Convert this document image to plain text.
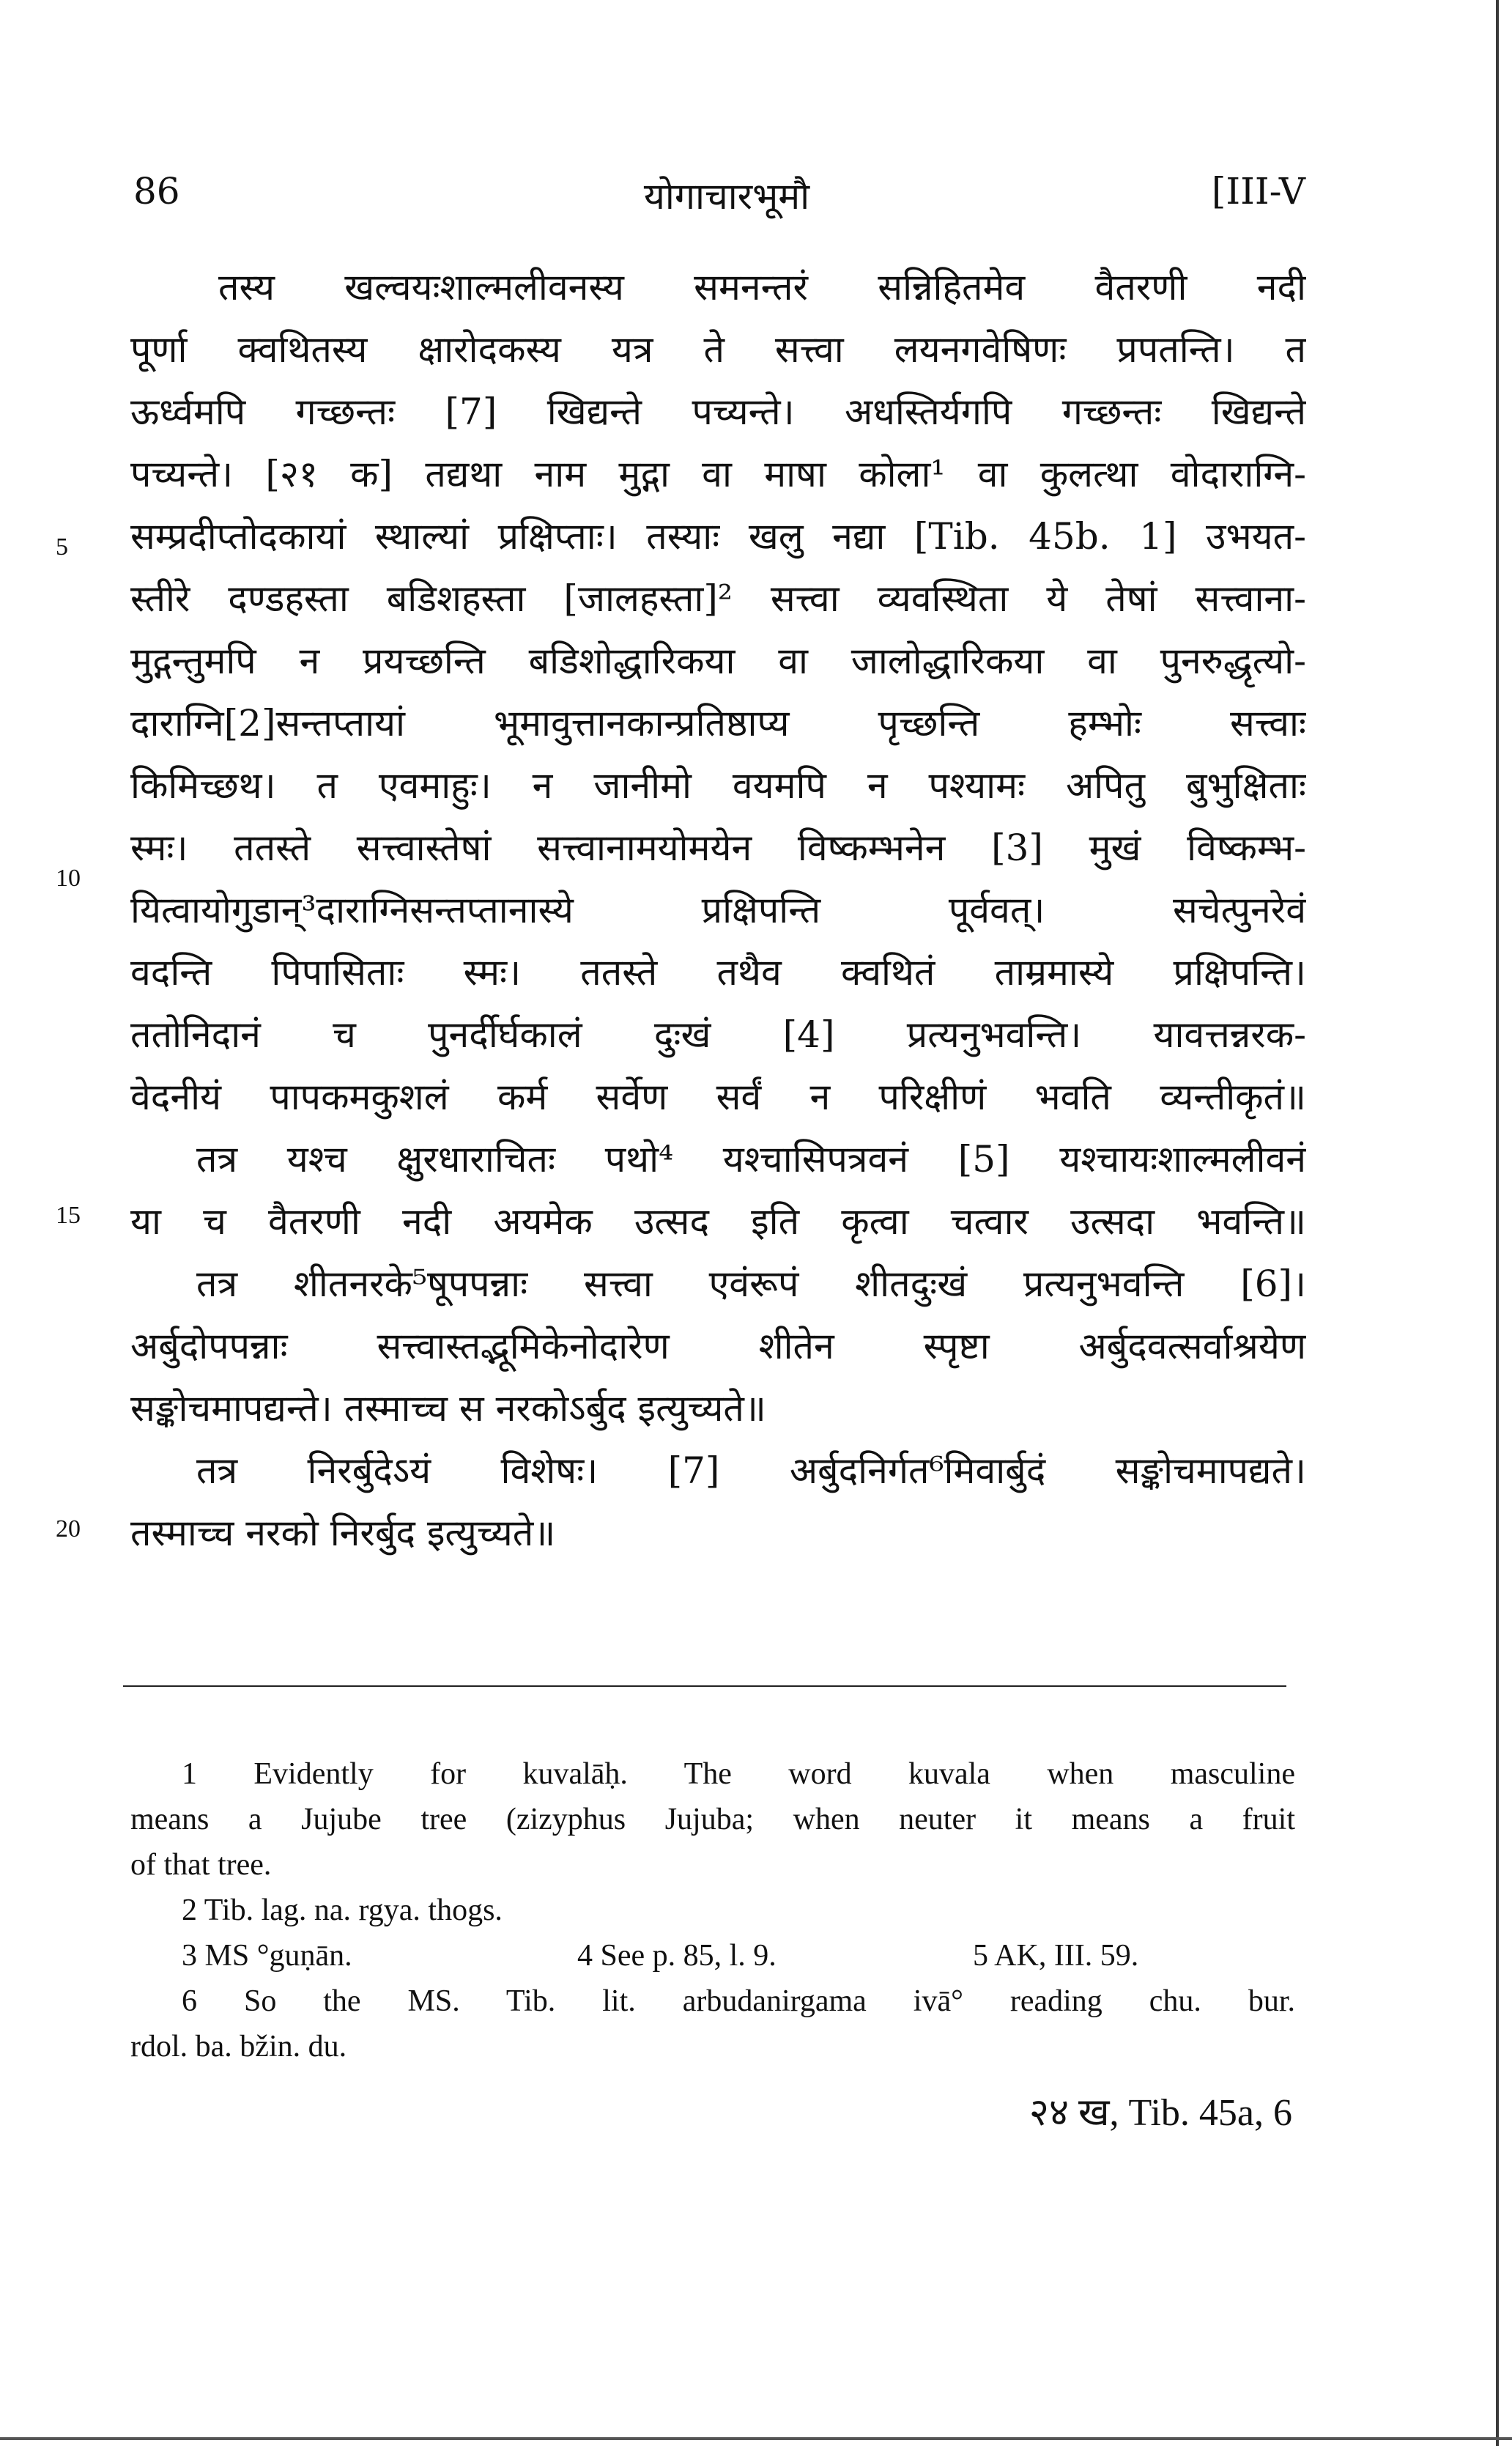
86	योगाचारभूमौ	[III-V
तस्य खल्वयःशाल्मलीवनस्य समनन्तरं सन्निहितमेव वैतरणी नदी
पूर्णा क्वथितस्य क्षारोदकस्य यत्र ते सत्त्वा लयनगवेषिणः प्रपतन्ति। त
ऊर्ध्वमपि गच्छन्तः [7] खिद्यन्ते पच्यन्ते। अधस्तिर्यगपि गच्छन्तः खिद्यन्ते
पच्यन्ते। [२१ क] तद्यथा नाम मुद्गा वा माषा कोला¹ वा कुलत्था वोदाराग्नि-
सम्प्रदीप्तोदकायां स्थाल्यां प्रक्षिप्ताः। तस्याः खलु नद्या [Tib. 45b. 1] उभयत-
स्तीरे दण्डहस्ता बडिशहस्ता [जालहस्ता]² सत्त्वा व्यवस्थिता ये तेषां सत्त्वाना-
मुद्गन्तुमपि न प्रयच्छन्ति बडिशोद्धारिकया वा जालोद्धारिकया वा पुनरुद्धृत्यो-
दाराग्नि[2]सन्तप्तायां भूमावुत्तानकान्प्रतिष्ठाप्य पृच्छन्ति हम्भोः सत्त्वाः
किमिच्छथ। त एवमाहुः। न जानीमो वयमपि न पश्यामः अपितु बुभुक्षिताः
स्मः। ततस्ते सत्त्वास्तेषां सत्त्वानामयोमयेन विष्कम्भनेन [3] मुखं विष्कम्भ-
यित्वायोगुडान्³दाराग्निसन्तप्तानास्ये प्रक्षिपन्ति पूर्ववत्। सचेत्पुनरेवं
वदन्ति पिपासिताः स्मः। ततस्ते तथैव क्वथितं ताम्रमास्ये प्रक्षिपन्ति।
ततोनिदानं च पुनर्दीर्घकालं दुःखं [4] प्रत्यनुभवन्ति। यावत्तन्नरक-
वेदनीयं पापकमकुशलं कर्म सर्वेण सर्वं न परिक्षीणं भवति व्यन्तीकृतं॥
तत्र यश्च क्षुरधाराचितः पथो⁴ यश्चासिपत्रवनं [5] यश्चायःशाल्मलीवनं
या च वैतरणी नदी अयमेक उत्सद इति कृत्वा चत्वार उत्सदा भवन्ति॥
तत्र शीतनरके⁵षूपपन्नाः सत्त्वा एवंरूपं शीतदुःखं प्रत्यनुभवन्ति [6]।
अर्बुदोपपन्नाः सत्त्वास्तद्भूमिकेनोदारेण शीतेन स्पृष्टा अर्बुदवत्सर्वाश्रयेण
सङ्कोचमापद्यन्ते। तस्माच्च स नरकोऽर्बुद इत्युच्यते॥
तत्र निरर्बुदेऽयं विशेषः। [7] अर्बुदनिर्गत⁶मिवार्बुदं सङ्कोचमापद्यते।
तस्माच्च नरको निरर्बुद इत्युच्यते॥
5
10
15
20
1 Evidently for kuvalāḥ. The word kuvala when masculine
means a Jujube tree (zizyphus Jujuba; when neuter it means a fruit
of that tree.
2 Tib. lag. na. rgya. thogs.
3 MS °guṇān.	4 See p. 85, l. 9.	5 AK, III. 59.
6 So the MS. Tib. lit. arbudanirgama ivā° reading chu. bur.
rdol. ba. bžin. du.
२४ ख, Tib. 45a, 6
